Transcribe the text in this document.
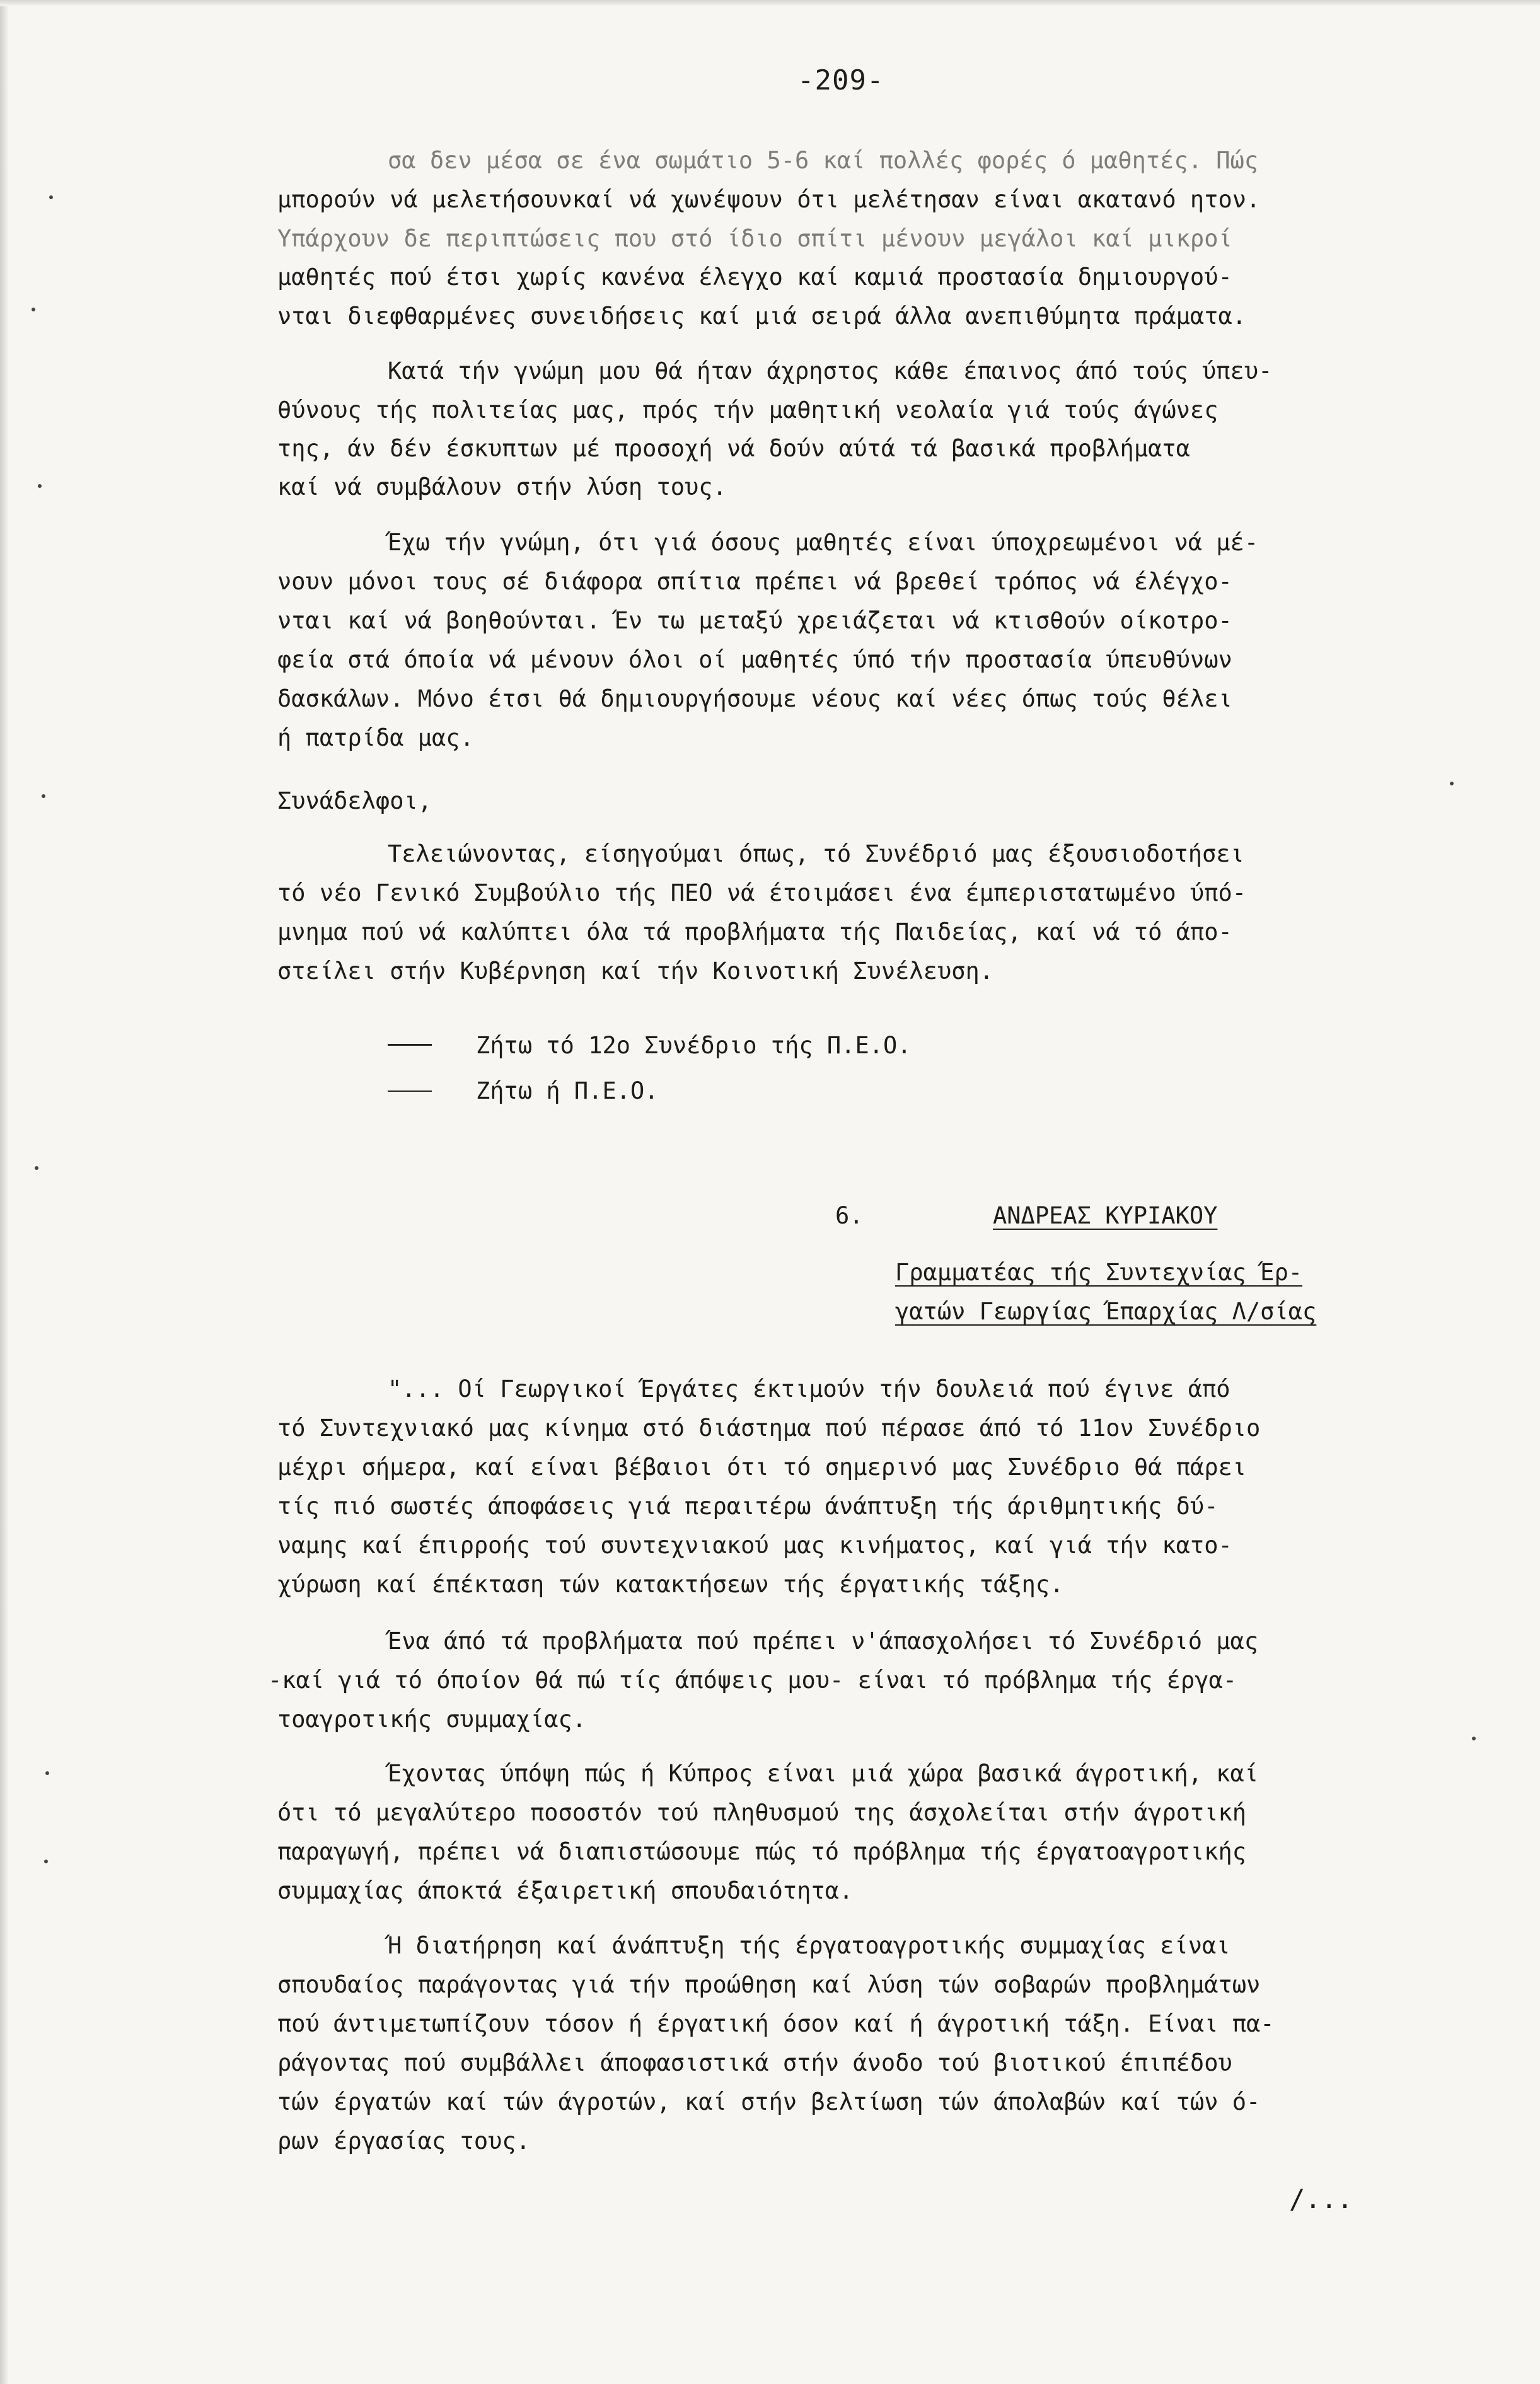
-209-
σα δεν μέσα σε ένα σωμάτιο 5-6 καί πολλές φορές ό μαθητές. Πώς
μπορούν νά μελετήσουνκαί νά χωνέψουν ότι μελέτησαν είναι ακατανό ητον.
Υπάρχουν δε περιπτώσεις που στό ίδιο σπίτι μένουν μεγάλοι καί μικροί
μαθητές πού έτσι χωρίς κανένα έλεγχο καί καμιά προστασία δημιουργού-
νται διεφθαρμένες συνειδήσεις καί μιά σειρά άλλα ανεπιθύμητα πράματα.
Κατά τήν γνώμη μου θά ήταν άχρηστος κάθε έπαινος άπό τούς ύπευ-
θύνους τής πολιτείας μας, πρός τήν μαθητική νεολαία γιά τούς άγώνες
της, άν δέν έσκυπτων μέ προσοχή νά δούν αύτά τά βασικά προβλήματα
καί νά συμβάλουν στήν λύση τους.
Έχω τήν γνώμη, ότι γιά όσους μαθητές είναι ύποχρεωμένοι νά μέ-
νουν μόνοι τους σέ διάφορα σπίτια πρέπει νά βρεθεί τρόπος νά έλέγχο-
νται καί νά βοηθούνται. Έν τω μεταξύ χρειάζεται νά κτισθούν οίκοτρο-
φεία στά όποία νά μένουν όλοι οί μαθητές ύπό τήν προστασία ύπευθύνων
δασκάλων. Μόνο έτσι θά δημιουργήσουμε νέους καί νέες όπως τούς θέλει
ή πατρίδα μας.
Συνάδελφοι,
Τελειώνοντας, είσηγούμαι όπως, τό Συνέδριό μας έξουσιοδοτήσει
τό νέο Γενικό Συμβούλιο τής ΠΕΟ νά έτοιμάσει ένα έμπεριστατωμένο ύπό-
μνημα πού νά καλύπτει όλα τά προβλήματα τής Παιδείας, καί νά τό άπο-
στείλει στήν Κυβέρνηση καί τήν Κοινοτική Συνέλευση.
Ζήτω τό 12ο Συνέδριο τής Π.Ε.Ο.
Ζήτω ή Π.Ε.Ο.
6.	ΑΝΔΡΕΑΣ ΚΥΡΙΑΚΟΥ
Γραμματέας τής Συντεχνίας Έρ-
γατών Γεωργίας Έπαρχίας Λ/σίας
"... Οί Γεωργικοί Έργάτες έκτιμούν τήν δουλειά πού έγινε άπό
τό Συντεχνιακό μας κίνημα στό διάστημα πού πέρασε άπό τό 11ον Συνέδριο
μέχρι σήμερα, καί είναι βέβαιοι ότι τό σημερινό μας Συνέδριο θά πάρει
τίς πιό σωστές άποφάσεις γιά περαιτέρω άνάπτυξη τής άριθμητικής δύ-
ναμης καί έπιρροής τού συντεχνιακού μας κινήματος, καί γιά τήν κατο-
χύρωση καί έπέκταση τών κατακτήσεων τής έργατικής τάξης.
Ένα άπό τά προβλήματα πού πρέπει ν'άπασχολήσει τό Συνέδριό μας
-καί γιά τό όποίον θά πώ τίς άπόψεις μου- είναι τό πρόβλημα τής έργα-
τοαγροτικής συμμαχίας.
Έχοντας ύπόψη πώς ή Κύπρος είναι μιά χώρα βασικά άγροτική, καί
ότι τό μεγαλύτερο ποσοστόν τού πληθυσμού της άσχολείται στήν άγροτική
παραγωγή, πρέπει νά διαπιστώσουμε πώς τό πρόβλημα τής έργατοαγροτικής
συμμαχίας άποκτά έξαιρετική σπουδαιότητα.
Ή διατήρηση καί άνάπτυξη τής έργατοαγροτικής συμμαχίας είναι
σπουδαίος παράγοντας γιά τήν προώθηση καί λύση τών σοβαρών προβλημάτων
πού άντιμετωπίζουν τόσον ή έργατική όσον καί ή άγροτική τάξη. Είναι πα-
ράγοντας πού συμβάλλει άποφασιστικά στήν άνοδο τού βιοτικού έπιπέδου
τών έργατών καί τών άγροτών, καί στήν βελτίωση τών άπολαβών καί τών ό-
ρων έργασίας τους.
/...
